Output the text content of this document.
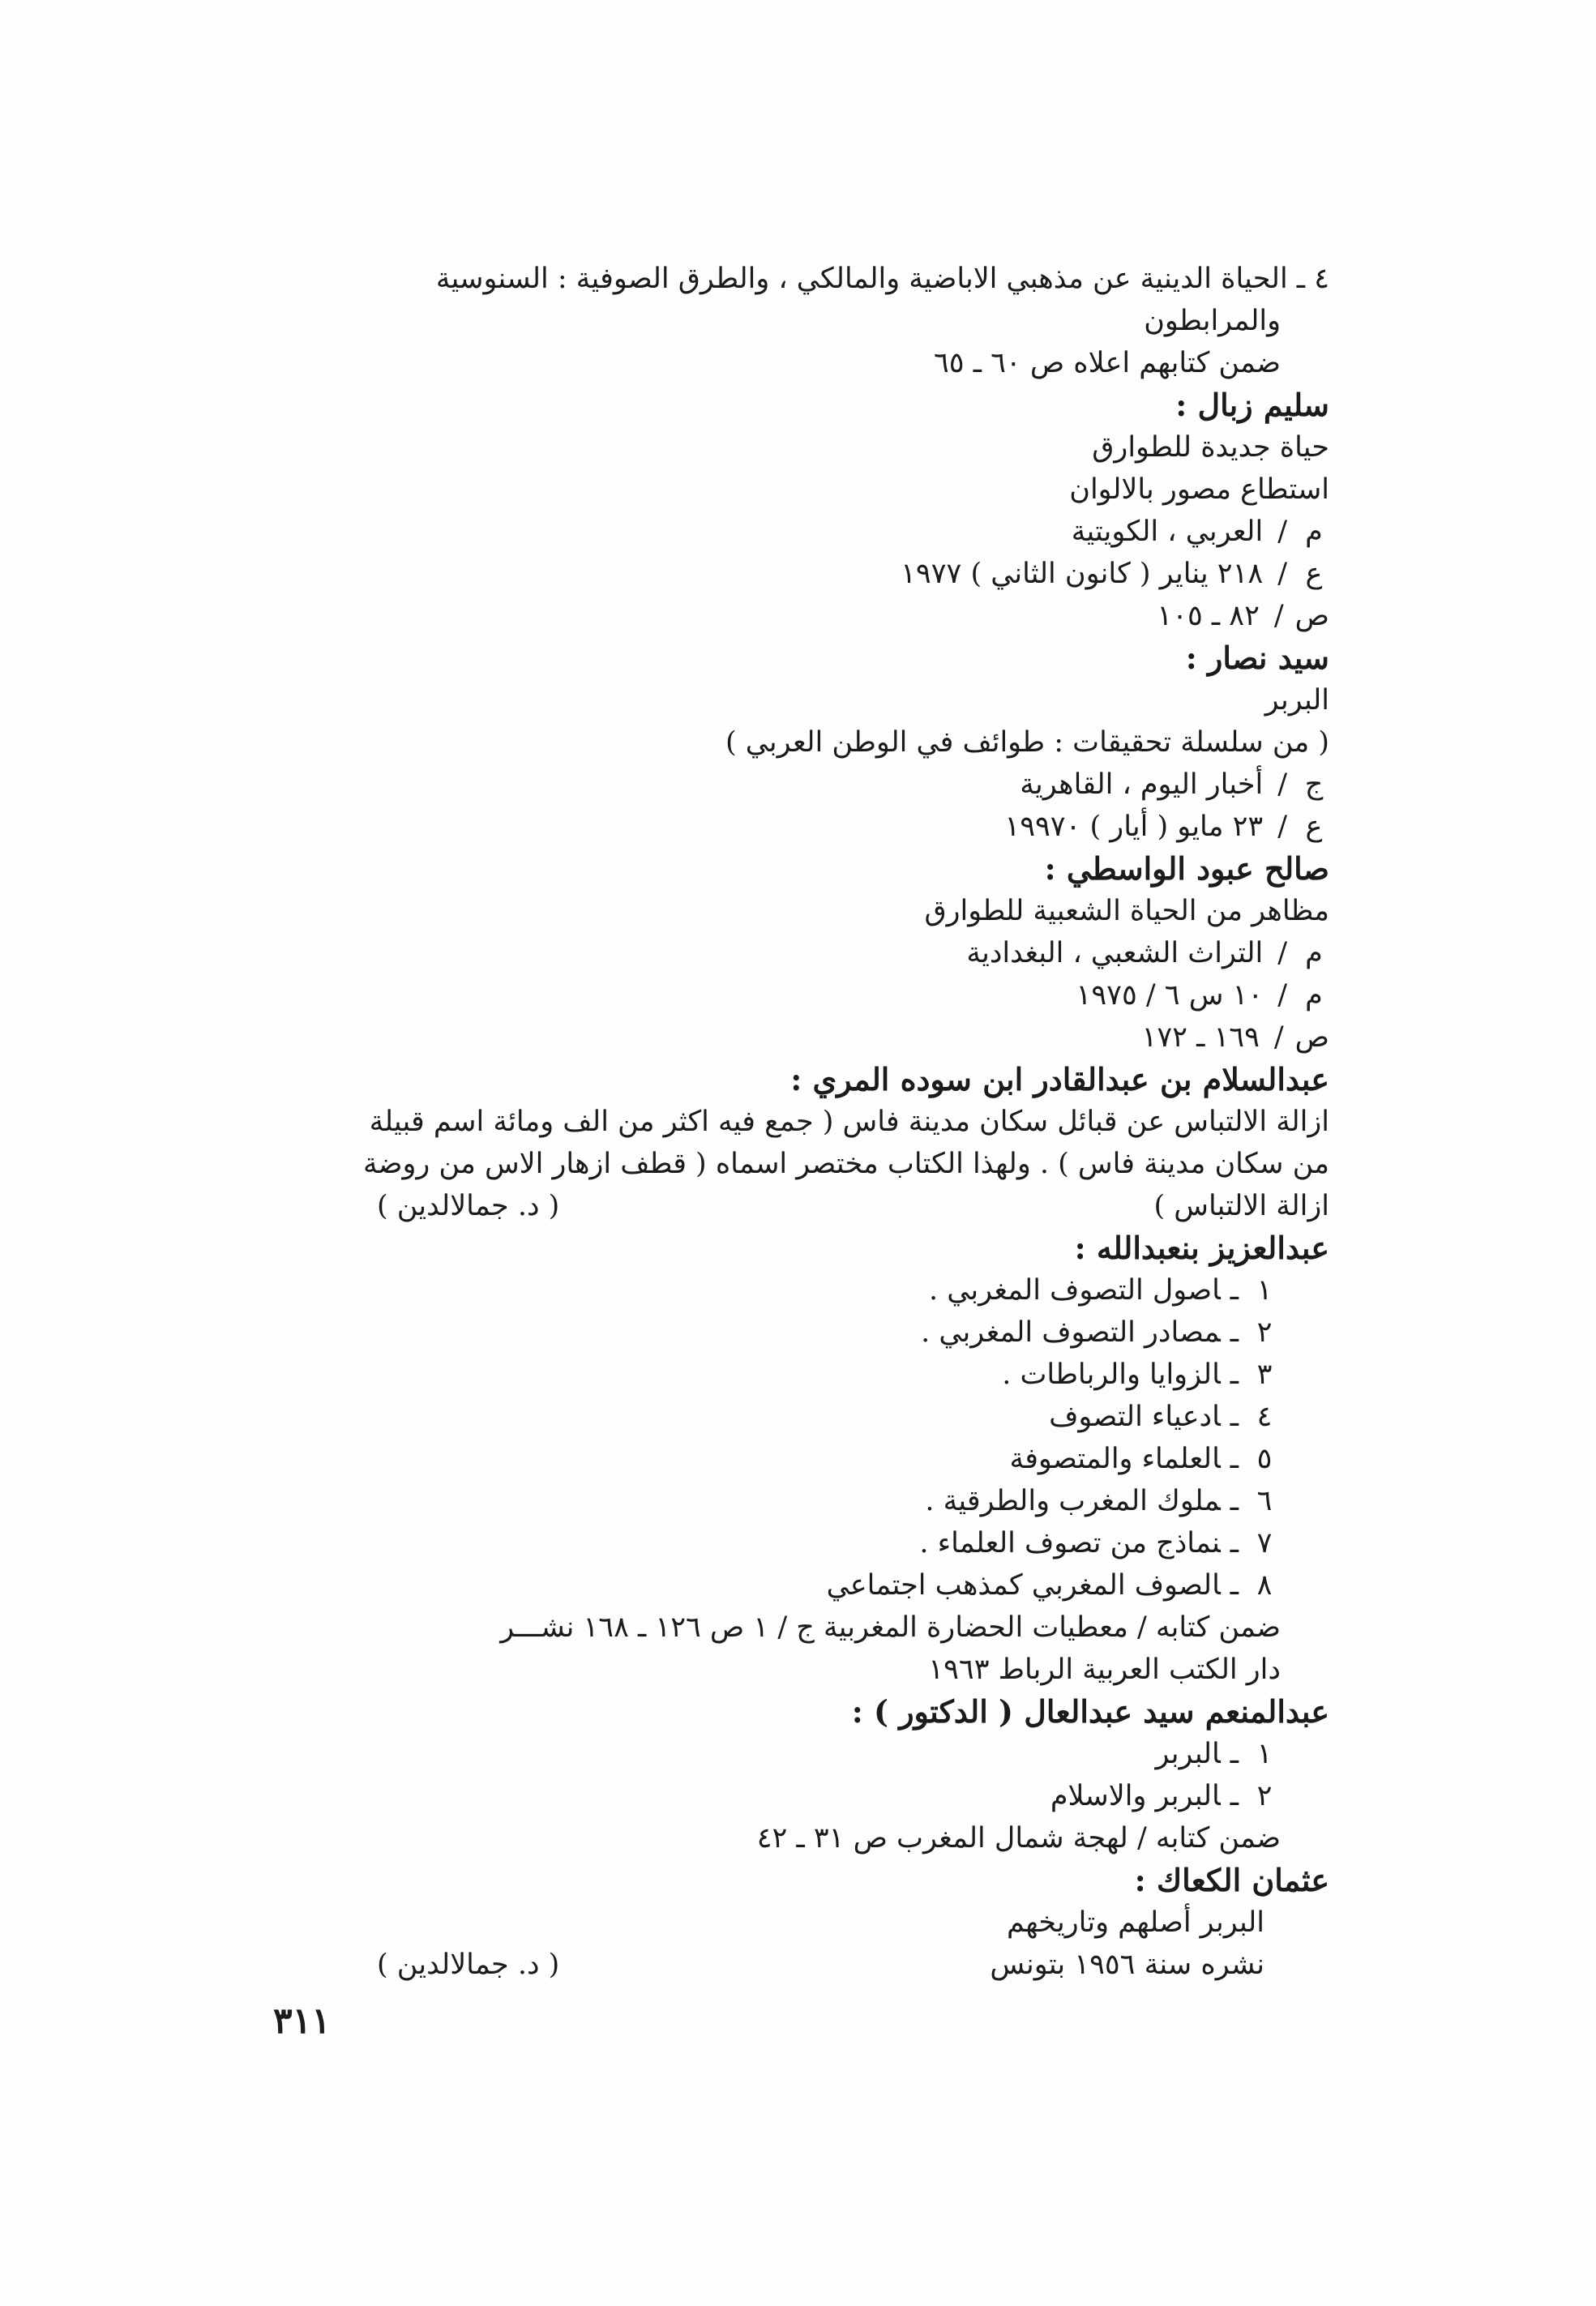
٤ ـ الحياة الدينية عن مذهبي الاباضية والمالكي ، والطرق الصوفية : السنوسية
والمرابطون
ضمن كتابهم اعلاه ص ٦٠ ـ ٦٥
سليم زبال :
حياة جديدة للطوارق
استطاع مصور بالالوان
م
/
العربي ، الكويتية
ع
/
٢١٨ يناير ( كانون الثاني ) ١٩٧٧
ص
/
٨٢ ـ ١٠٥
سيد نصار :
البربر
( من سلسلة تحقيقات : طوائف في الوطن العربي )
ج
/
أخبار اليوم ، القاهرية
ع
/
٢٣ مايو ( أيار ) ١٩٩٧٠
صالح عبود الواسطي :
مظاهر من الحياة الشعبية للطوارق
م
/
التراث الشعبي ، البغدادية
م
/
١٠ س ٦ / ١٩٧٥
ص
/
١٦٩ ـ ١٧٢
عبدالسلام بن عبدالقادر ابن سوده المري :
ازالة الالتباس عن قبائل سكان مدينة فاس ( جمع فيه اكثر من الف ومائة اسم قبيلة
من سكان مدينة فاس ) . ولهذا الكتاب مختصر اسماه ( قطف ازهار الاس من روضة
ازالة الالتباس )
( د. جمالالدين )
عبدالعزيز بنعبدالله :
١ـاصول التصوف المغربي .
٢ـمصادر التصوف المغربي .
٣ـالزوايا والرباطات .
٤ـادعياء التصوف
٥ـالعلماء والمتصوفة
٦ـملوك المغرب والطرقية .
٧ـنماذج من تصوف العلماء .
٨ـالصوف المغربي كمذهب اجتماعي
ضمن كتابه / معطيات الحضارة المغربية ج / ١ ص ١٢٦ ـ ١٦٨ نشـــر
دار الكتب العربية الرباط ١٩٦٣
عبدالمنعم سيد عبدالعال ( الدكتور ) :
١ـالبربر
٢ـالبربر والاسلام
ضمن كتابه / لهجة شمال المغرب ص ٣١ ـ ٤٢
عثمان الكعاك :
البربر أصلهم وتاريخهم
نشره سنة ١٩٥٦ بتونس
( د. جمالالدين )
٣١١
